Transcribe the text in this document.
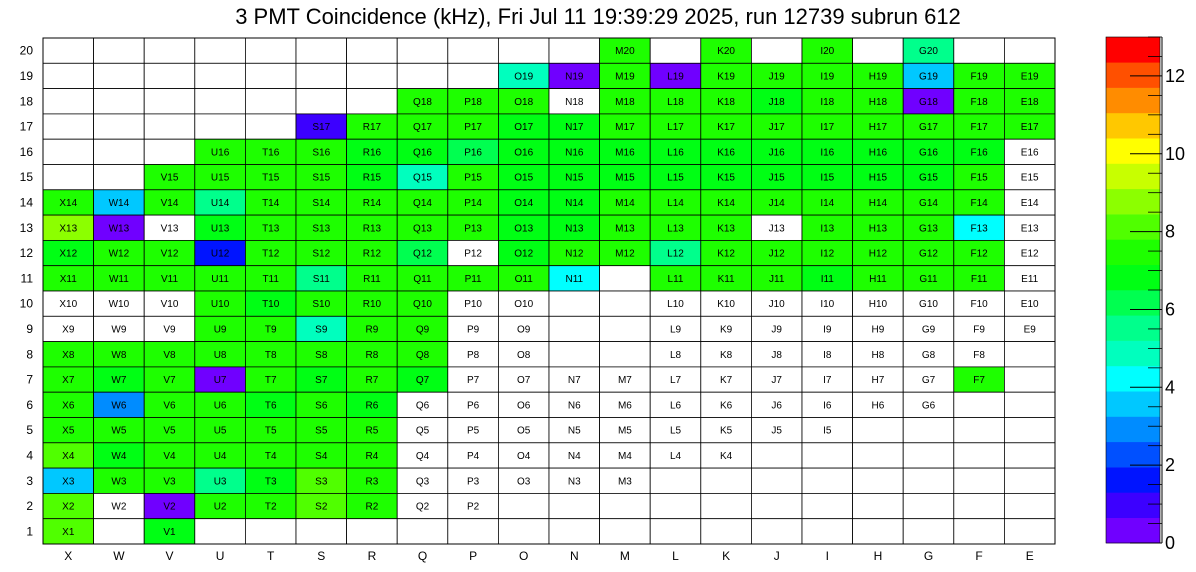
3 PMT Coincidence (kHz), Fri Jul 11 19:39:29 2025, run 12739 subrun 612
M20	K20	I20	G20
O19	N19	M19	L19	K19	J19	I19	H19	G19	F19	E19
Q18	P18	O18	N18	M18	L18	K18	J18	I18	H18	G18	F18	E18
S17	R17	Q17	P17	O17	N17	M17	L17	K17	J17	I17	H17	G17	F17	E17
U16	T16	S16	R16	Q16	P16	O16	N16	M16	L16	K16	J16	I16	H16	G16	F16	E16
V15	U15	T15	S15	R15	Q15	P15	O15	N15	M15	L15	K15	J15	I15	H15	G15	F15	E15
X14	W14	V14	U14	T14	S14	R14	Q14	P14	O14	N14	M14	L14	K14	J14	I14	H14	G14	F14	E14
X13	W13	V13	U13	T13	S13	R13	Q13	P13	O13	N13	M13	L13	K13	J13	I13	H13	G13	F13	E13
X12	W12	V12	U12	T12	S12	R12	Q12	P12	O12	N12	M12	L12	K12	J12	I12	H12	G12	F12	E12
X11	W11	V11	U11	T11	S11	R11	Q11	P11	O11	N11	L11	K11	J11	I11	H11	G11	F11	E11
X10	W10	V10	U10	T10	S10	R10	Q10	P10	O10	L10	K10	J10	I10	H10	G10	F10	E10
X9	W9	V9	U9	T9	S9	R9	Q9	P9	O9	L9	K9	J9	I9	H9	G9	F9	E9
X8	W8	V8	U8	T8	S8	R8	Q8	P8	O8	L8	K8	J8	I8	H8	G8	F8
X7	W7	V7	U7	T7	S7	R7	Q7	P7	O7	N7	M7	L7	K7	J7	I7	H7	G7	F7
X6	W6	V6	U6	T6	S6	R6	Q6	P6	O6	N6	M6	L6	K6	J6	I6	H6	G6
X5	W5	V5	U5	T5	S5	R5	Q5	P5	O5	N5	M5	L5	K5	J5	I5
X4	W4	V4	U4	T4	S4	R4	Q4	P4	O4	N4	M4	L4	K4
X3	W3	V3	U3	T3	S3	R3	Q3	P3	O3	N3	M3
X2	W2	V2	U2	T2	S2	R2	Q2	P2
X1	V1
20
19
18
17
16
15
14
13
12
11
10
9
8
7
6
5
4
3
2
1
X	W	V	U	T	S	R	Q	P	O	N	M	L	K	J	I	H	G	F	E
0
2
4
6
8
10
12
